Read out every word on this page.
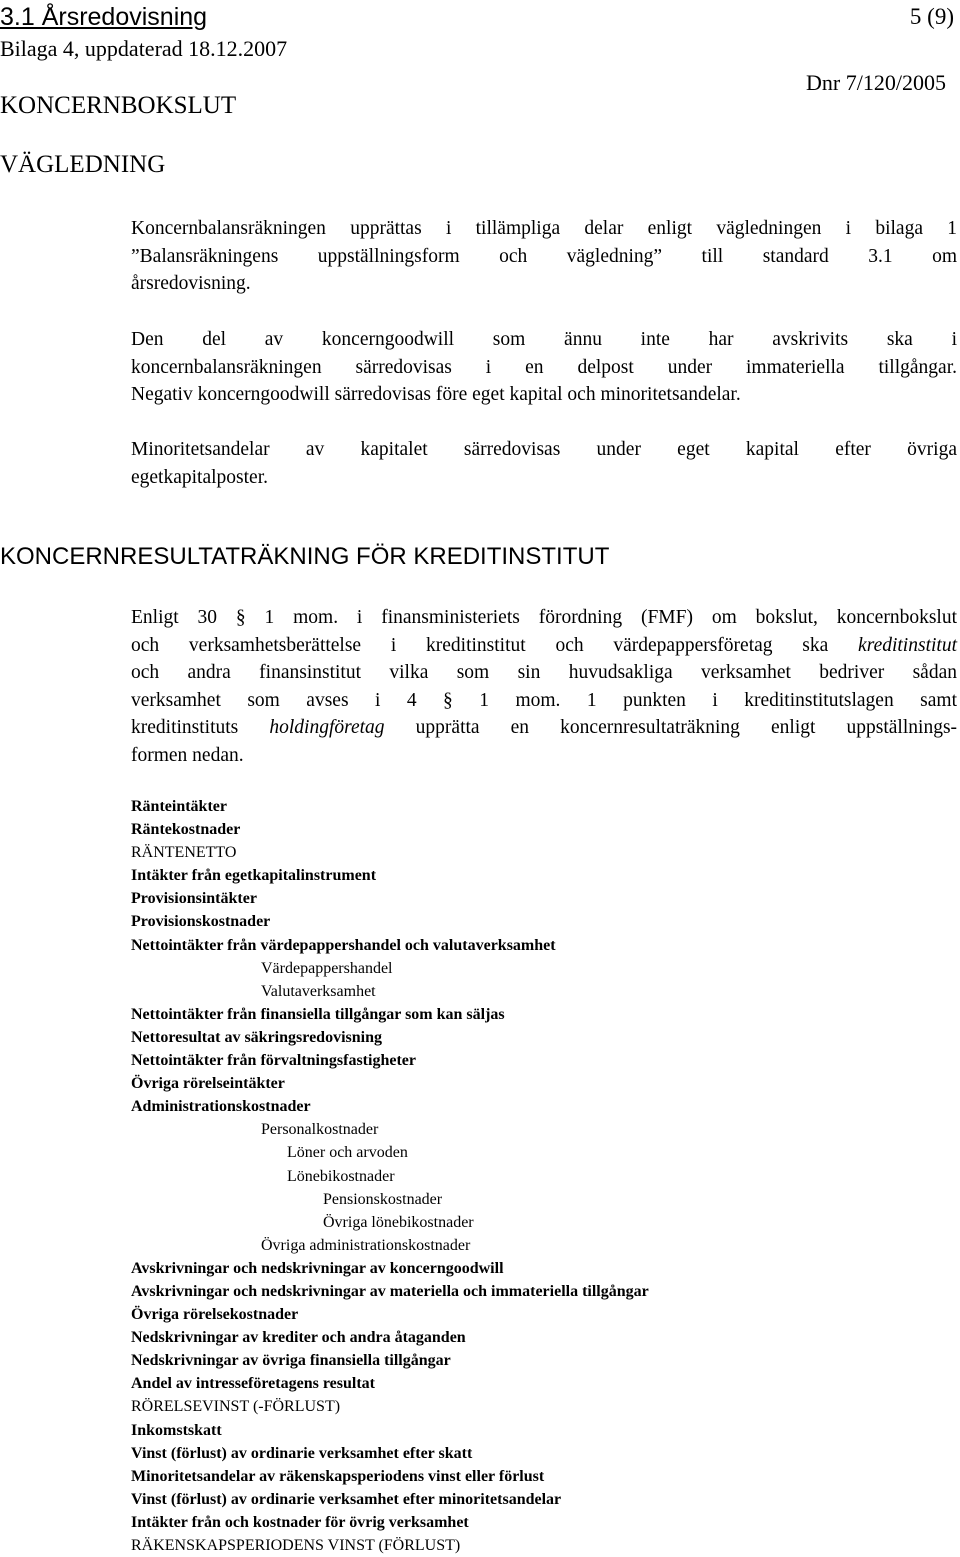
3.1 Årsredovisning
Bilaga 4, uppdaterad 18.12.2007
5 (9)
Dnr 7/120/2005
KONCERNBOKSLUT
VÄGLEDNING
Koncernbalansräkningen upprättas i tillämpliga delar enligt vägledningen i bilaga 1
”Balansräkningens uppställningsform och vägledning” till standard 3.1 om
årsredovisning.
Den del av koncerngoodwill som ännu inte har avskrivits ska i
koncernbalansräkningen särredovisas i en delpost under immateriella tillgångar.
Negativ koncerngoodwill särredovisas före eget kapital och minoritetsandelar.
Minoritetsandelar av kapitalet särredovisas under eget kapital efter övriga
egetkapitalposter.
KONCERNRESULTATRÄKNING FÖR KREDITINSTITUT
Enligt 30 § 1 mom. i finansministeriets förordning (FMF) om bokslut, koncernbokslut
och verksamhetsberättelse i kreditinstitut och värdepappersföretag ska kreditinstitut
och andra finansinstitut vilka som sin huvudsakliga verksamhet bedriver sådan
verksamhet som avses i 4 § 1 mom. 1 punkten i kreditinstitutslagen samt
kreditinstituts holdingföretag upprätta en koncernresultaträkning enligt uppställnings-
formen nedan.
Ränteintäkter
Räntekostnader
RÄNTENETTO
Intäkter från egetkapitalinstrument
Provisionsintäkter
Provisionskostnader
Nettointäkter från värdepappershandel och valutaverksamhet
Värdepappershandel
Valutaverksamhet
Nettointäkter från finansiella tillgångar som kan säljas
Nettoresultat av säkringsredovisning
Nettointäkter från förvaltningsfastigheter
Övriga rörelseintäkter
Administrationskostnader
Personalkostnader
Löner och arvoden
Lönebikostnader
Pensionskostnader
Övriga lönebikostnader
Övriga administrationskostnader
Avskrivningar och nedskrivningar av koncerngoodwill
Avskrivningar och nedskrivningar av materiella och immateriella tillgångar
Övriga rörelsekostnader
Nedskrivningar av krediter och andra åtaganden
Nedskrivningar av övriga finansiella tillgångar
Andel av intresseföretagens resultat
RÖRELSEVINST (-FÖRLUST)
Inkomstskatt
Vinst (förlust) av ordinarie verksamhet efter skatt
Minoritetsandelar av räkenskapsperiodens vinst eller förlust
Vinst (förlust) av ordinarie verksamhet efter minoritetsandelar
Intäkter från och kostnader för övrig verksamhet
RÄKENSKAPSPERIODENS VINST (FÖRLUST)
